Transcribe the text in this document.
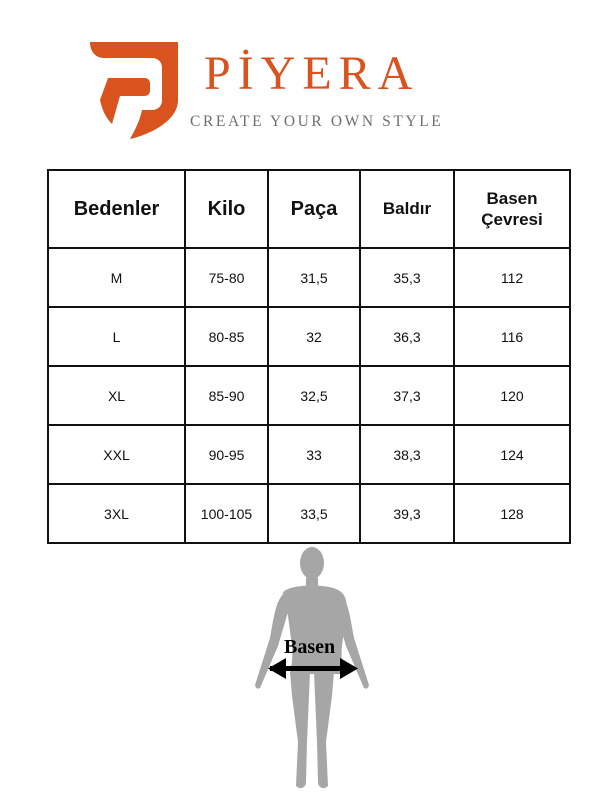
PİYERA
CREATE YOUR OWN STYLE
Bedenler	Kilo	Paça	Baldır	Basen Çevresi
M	75-80	31,5	35,3	112
L	80-85	32	36,3	116
XL	85-90	32,5	37,3	120
XXL	90-95	33	38,3	124
3XL	100-105	33,5	39,3	128
Basen
